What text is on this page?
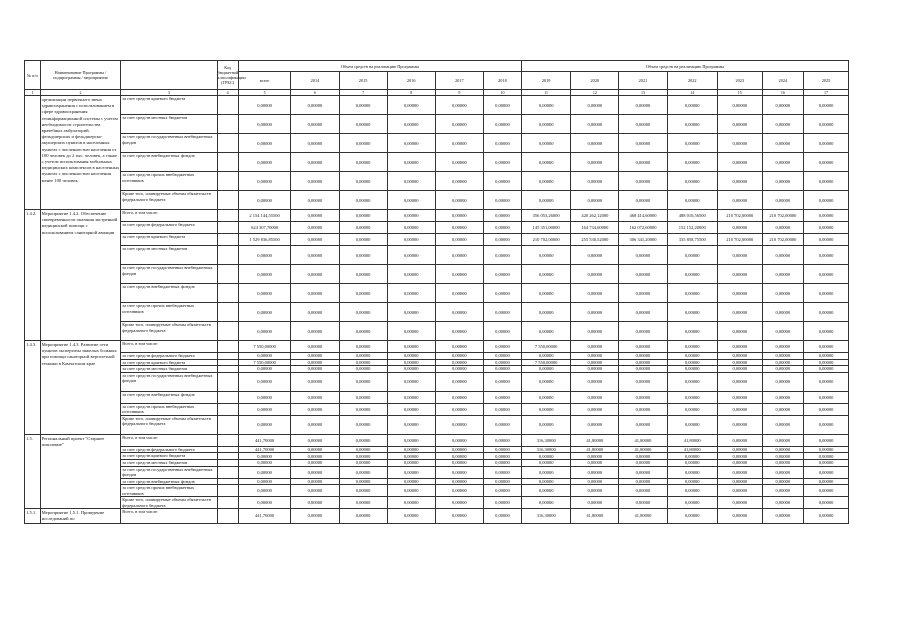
№ п/п	Наименование Программы / подпрограммы / мероприятия		Код бюджетной классификации (ГРБС)	Объем средств на реализацию Программы						Объем средств на реализацию Программы						
				всего	2014	2015	2016	2017	2018	2019	2020	2021	2022	2023	2024	2025
1	2	3	4	5	6	7	8	9	10	11	12	13	14	15	16	17
	организации первичного звена здравоохранения с использованием в сфере здравоохранения геоинформационной системы с учетом необходимости строительства врачебных амбулаторий, фельдшерских и фельдшерско-акушерских пунктов в населенных пунктах с численностью населения от 100 человек до 2 тыс. человек, а также с учетом использования мобильных медицинских комплексов в населенных пунктах с численностью населения менее 100 человек	за счет средств краевого бюджета		0,00000	0,00000	0,00000	0,00000	0,00000	0,00000	0,00000	0,00000	0,00000	0,00000	0,00000	0,00000	0,00000
		за счет средств местных бюджетов		0,00000	0,00000	0,00000	0,00000	0,00000	0,00000	0,00000	0,00000	0,00000	0,00000	0,00000	0,00000	0,00000
		за счет средств государственных внебюджетных фондов		0,00000	0,00000	0,00000	0,00000	0,00000	0,00000	0,00000	0,00000	0,00000	0,00000	0,00000	0,00000	0,00000
		за счет средств внебюджетных фондов		0,00000	0,00000	0,00000	0,00000	0,00000	0,00000	0,00000	0,00000	0,00000	0,00000	0,00000	0,00000	0,00000
		за счет средств прочих внебюджетных источников		0,00000	0,00000	0,00000	0,00000	0,00000	0,00000	0,00000	0,00000	0,00000	0,00000	0,00000	0,00000	0,00000
		Кроме того, планируемые объемы обязательств федерального бюджета		0,00000	0,00000	0,00000	0,00000	0,00000	0,00000	0,00000	0,00000	0,00000	0,00000	0,00000	0,00000	0,00000
1.4.2.	Мероприятие 1.4.2. Обеспечение своевременности оказания экстренной медицинской помощи с использованием санитарной авиации	Всего, в том числе:		2 154 144,55500	0,00000	0,00000	0,00000	0,00000	0,00000	356 053,26000	420 262,12000	468 414,60000	488 010,56500	210 702,00000	210 702,00000	0,00000
		за счет средств федерального бюджета		624 307,70000	0,00000	0,00000	0,00000	0,00000	0,00000	145 351,00000	164 734,60000	162 072,60000	152 152,20000	0,00000	0,00000	0,00000
		за счет средств краевого бюджета		1 529 836,85500	0,00000	0,00000	0,00000	0,00000	0,00000	210 702,00000	255 530,52000	306 341,20000	335 858,75500	210 702,00000	210 702,00000	0,00000
		за счет средств местных бюджетов		0,00000	0,00000	0,00000	0,00000	0,00000	0,00000	0,00000	0,00000	0,00000	0,00000	0,00000	0,00000	0,00000
		за счет средств государственных внебюджетных фондов		0,00000	0,00000	0,00000	0,00000	0,00000	0,00000	0,00000	0,00000	0,00000	0,00000	0,00000	0,00000	0,00000
		за счет средств внебюджетных фондов		0,00000	0,00000	0,00000	0,00000	0,00000	0,00000	0,00000	0,00000	0,00000	0,00000	0,00000	0,00000	0,00000
		за счет средств прочих внебюджетных источников		0,00000	0,00000	0,00000	0,00000	0,00000	0,00000	0,00000	0,00000	0,00000	0,00000	0,00000	0,00000	0,00000
		Кроме того, планируемые объемы обязательств федерального бюджета		0,00000	0,00000	0,00000	0,00000	0,00000	0,00000	0,00000	0,00000	0,00000	0,00000	0,00000	0,00000	0,00000
1.4.3.	Мероприятие 1.4.3. Развитие сети пунктов экспертизы тяжелых больных при помощи санаторной вертолетной техники в Камчатском крае	Всего, в том числе:		7 550,00000	0,00000	0,00000	0,00000	0,00000	0,00000	7 550,00000	0,00000	0,00000	0,00000	0,00000	0,00000	0,00000
		за счет средств федерального бюджета		0,00000	0,00000	0,00000	0,00000	0,00000	0,00000	0,00000	0,00000	0,00000	0,00000	0,00000	0,00000	0,00000
		за счет средств краевого бюджета		7 550,00000	0,00000	0,00000	0,00000	0,00000	0,00000	7 550,00000	0,00000	0,00000	0,00000	0,00000	0,00000	0,00000
		за счет средств местных бюджетов		0,00000	0,00000	0,00000	0,00000	0,00000	0,00000	0,00000	0,00000	0,00000	0,00000	0,00000	0,00000	0,00000
		за счет средств государственных внебюджетных фондов		0,00000	0,00000	0,00000	0,00000	0,00000	0,00000	0,00000	0,00000	0,00000	0,00000	0,00000	0,00000	0,00000
		за счет средств внебюджетных фондов		0,00000	0,00000	0,00000	0,00000	0,00000	0,00000	0,00000	0,00000	0,00000	0,00000	0,00000	0,00000	0,00000
		за счет средств прочих внебюджетных источников		0,00000	0,00000	0,00000	0,00000	0,00000	0,00000	0,00000	0,00000	0,00000	0,00000	0,00000	0,00000	0,00000
		Кроме того, планируемые объемы обязательств федерального бюджета		0,00000	0,00000	0,00000	0,00000	0,00000	0,00000	0,00000	0,00000	0,00000	0,00000	0,00000	0,00000	0,00000
1.5.	Региональный проект "Старшее поколение"	Всего, в том числе:		441,70000	0,00000	0,00000	0,00000	0,00000	0,00000	316,30000	41,80000	41,80000	41,80000	0,00000	0,00000	0,00000
		за счет средств федерального бюджета		441,70000	0,00000	0,00000	0,00000	0,00000	0,00000	316,30000	41,80000	41,80000	41,80000	0,00000	0,00000	0,00000
		за счет средств краевого бюджета		0,00000	0,00000	0,00000	0,00000	0,00000	0,00000	0,00000	0,00000	0,00000	0,00000	0,00000	0,00000	0,00000
		за счет средств местных бюджетов		0,00000	0,00000	0,00000	0,00000	0,00000	0,00000	0,00000	0,00000	0,00000	0,00000	0,00000	0,00000	0,00000
		за счет средств государственных внебюджетных фондов		0,00000	0,00000	0,00000	0,00000	0,00000	0,00000	0,00000	0,00000	0,00000	0,00000	0,00000	0,00000	0,00000
		за счет средств внебюджетных фондов		0,00000	0,00000	0,00000	0,00000	0,00000	0,00000	0,00000	0,00000	0,00000	0,00000	0,00000	0,00000	0,00000
		за счет средств прочих внебюджетных источников		0,00000	0,00000	0,00000	0,00000	0,00000	0,00000	0,00000	0,00000	0,00000	0,00000	0,00000	0,00000	0,00000
		Кроме того, планируемые объемы обязательств федерального бюджета		0,00000	0,00000	0,00000	0,00000	0,00000	0,00000	0,00000	0,00000	0,00000	0,00000	0,00000	0,00000	0,00000
1.5.1.	Мероприятие 1.5.1. Проведение исследований по	Всего, в том числе:		441,70000	0,00000	0,00000	0,00000	0,00000	0,00000	316,30000	41,80000	41,80000	0,00000	0,00000	0,00000	0,00000
